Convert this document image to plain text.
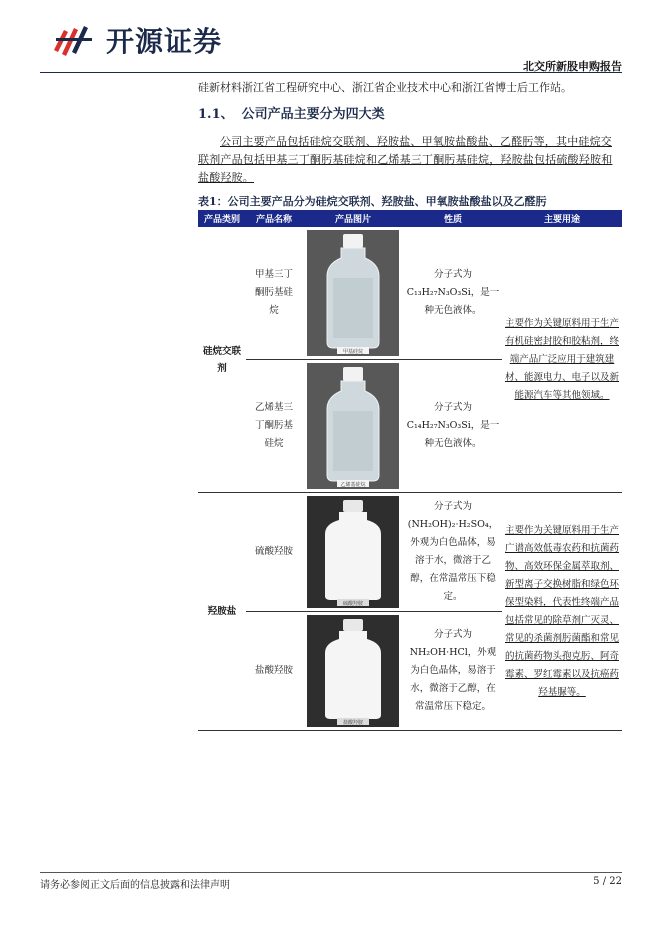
开源证券
北交所新股申购报告
硅新材料浙江省工程研究中心、浙江省企业技术中心和浙江省博士后工作站。
1.1、 公司产品主要分为四大类
公司主要产品包括硅烷交联剂、羟胺盐、甲氧胺盐酸盐、乙醛肟等，其中硅烷交联剂产品包括甲基三丁酮肟基硅烷和乙烯基三丁酮肟基硅烷，羟胺盐包括硫酸羟胺和盐酸羟胺。
表1：公司主要产品分为硅烷交联剂、羟胺盐、甲氧胺盐酸盐以及乙醛肟
产品类别	产品名称	产品图片	性质	主要用途

硅烷交联
剂	甲基三丁酮肟基硅烷	甲基硅烷	分子式为C₁₃H₂₇N₃O₃Si，是一种无色液体。	主要作为关键原料用于生产有机硅密封胶和胶粘剂，终端产品广泛应用于建筑建材、能源电力、电子以及新能源汽车等其他领域。

	乙烯基三丁酮肟基硅烷	乙烯基硅烷	分子式为C₁₄H₂₇N₃O₃Si，是一种无色液体。	

羟胺盐	硫酸羟胺	硫酸羟胺	分子式为(NH₂OH)₂·H₂SO₄，外观为白色晶体，易溶于水，微溶于乙醇，在常温常压下稳定。	主要作为关键原料用于生产广谱高效低毒农药和抗菌药物、高效环保金属萃取剂、新型离子交换树脂和绿色环保型染料，代表性终端产品包括常见的除草剂广灭灵、常见的杀菌剂肟菌酯和常见的抗菌药物头孢克肟、阿奇霉素、罗红霉素以及抗癌药羟基脲等。

	盐酸羟胺	盐酸羟胺	分子式为NH₂OH·HCl，外观为白色晶体，易溶于水，微溶于乙醇，在常温常压下稳定。	
请务必参阅正文后面的信息披露和法律声明	5 / 22
